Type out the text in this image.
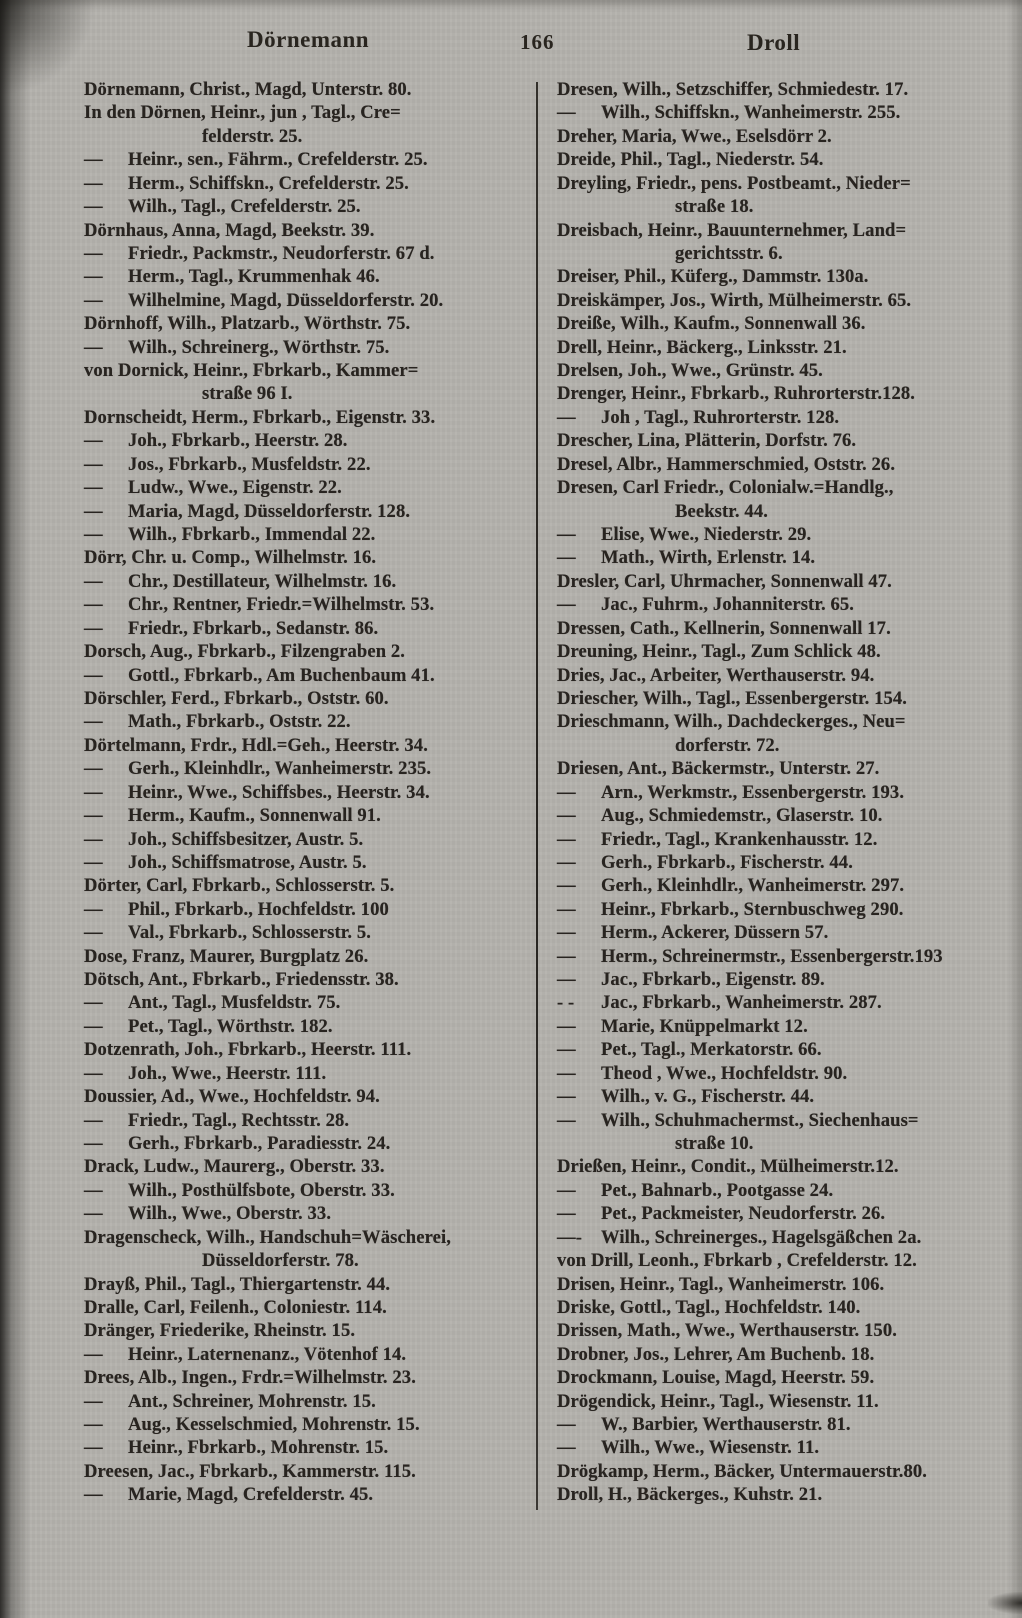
Dörnemann	166	Droll
Dörnemann, Christ., Magd, Unterstr. 80.
In den Dörnen, Heinr., jun , Tagl., Cre=
felderstr. 25.
— Heinr., sen., Fährm., Crefelderstr. 25.
— Herm., Schiffskn., Crefelderstr. 25.
— Wilh., Tagl., Crefelderstr. 25.
Dörnhaus, Anna, Magd, Beekstr. 39.
— Friedr., Packmstr., Neudorferstr. 67 d.
— Herm., Tagl., Krummenhak 46.
— Wilhelmine, Magd, Düsseldorferstr. 20.
Dörnhoff, Wilh., Platzarb., Wörthstr. 75.
— Wilh., Schreinerg., Wörthstr. 75.
von Dornick, Heinr., Fbrkarb., Kammer=
straße 96 I.
Dornscheidt, Herm., Fbrkarb., Eigenstr. 33.
— Joh., Fbrkarb., Heerstr. 28.
— Jos., Fbrkarb., Musfeldstr. 22.
— Ludw., Wwe., Eigenstr. 22.
— Maria, Magd, Düsseldorferstr. 128.
— Wilh., Fbrkarb., Immendal 22.
Dörr, Chr. u. Comp., Wilhelmstr. 16.
— Chr., Destillateur, Wilhelmstr. 16.
— Chr., Rentner, Friedr.=Wilhelmstr. 53.
— Friedr., Fbrkarb., Sedanstr. 86.
Dorsch, Aug., Fbrkarb., Filzengraben 2.
— Gottl., Fbrkarb., Am Buchenbaum 41.
Dörschler, Ferd., Fbrkarb., Oststr. 60.
— Math., Fbrkarb., Oststr. 22.
Dörtelmann, Frdr., Hdl.=Geh., Heerstr. 34.
— Gerh., Kleinhdlr., Wanheimerstr. 235.
— Heinr., Wwe., Schiffsbes., Heerstr. 34.
— Herm., Kaufm., Sonnenwall 91.
— Joh., Schiffsbesitzer, Austr. 5.
— Joh., Schiffsmatrose, Austr. 5.
Dörter, Carl, Fbrkarb., Schlosserstr. 5.
— Phil., Fbrkarb., Hochfeldstr. 100
— Val., Fbrkarb., Schlosserstr. 5.
Dose, Franz, Maurer, Burgplatz 26.
Dötsch, Ant., Fbrkarb., Friedensstr. 38.
— Ant., Tagl., Musfeldstr. 75.
— Pet., Tagl., Wörthstr. 182.
Dotzenrath, Joh., Fbrkarb., Heerstr. 111.
— Joh., Wwe., Heerstr. 111.
Doussier, Ad., Wwe., Hochfeldstr. 94.
— Friedr., Tagl., Rechtsstr. 28.
— Gerh., Fbrkarb., Paradiesstr. 24.
Drack, Ludw., Maurerg., Oberstr. 33.
— Wilh., Posthülfsbote, Oberstr. 33.
— Wilh., Wwe., Oberstr. 33.
Dragenscheck, Wilh., Handschuh=Wäscherei,
Düsseldorferstr. 78.
Drayß, Phil., Tagl., Thiergartenstr. 44.
Dralle, Carl, Feilenh., Coloniestr. 114.
Dränger, Friederike, Rheinstr. 15.
— Heinr., Laternenanz., Vötenhof 14.
Drees, Alb., Ingen., Frdr.=Wilhelmstr. 23.
— Ant., Schreiner, Mohrenstr. 15.
— Aug., Kesselschmied, Mohrenstr. 15.
— Heinr., Fbrkarb., Mohrenstr. 15.
Dreesen, Jac., Fbrkarb., Kammerstr. 115.
— Marie, Magd, Crefelderstr. 45.
Dresen, Wilh., Setzschiffer, Schmiedestr. 17.
— Wilh., Schiffskn., Wanheimerstr. 255.
Dreher, Maria, Wwe., Eselsdörr 2.
Dreide, Phil., Tagl., Niederstr. 54.
Dreyling, Friedr., pens. Postbeamt., Nieder=
straße 18.
Dreisbach, Heinr., Bauunternehmer, Land=
gerichtsstr. 6.
Dreiser, Phil., Küferg., Dammstr. 130a.
Dreiskämper, Jos., Wirth, Mülheimerstr. 65.
Dreiße, Wilh., Kaufm., Sonnenwall 36.
Drell, Heinr., Bäckerg., Linksstr. 21.
Drelsen, Joh., Wwe., Grünstr. 45.
Drenger, Heinr., Fbrkarb., Ruhrorterstr.128.
— Joh , Tagl., Ruhrorterstr. 128.
Drescher, Lina, Plätterin, Dorfstr. 76.
Dresel, Albr., Hammerschmied, Oststr. 26.
Dresen, Carl Friedr., Colonialw.=Handlg.,
Beekstr. 44.
— Elise, Wwe., Niederstr. 29.
— Math., Wirth, Erlenstr. 14.
Dresler, Carl, Uhrmacher, Sonnenwall 47.
— Jac., Fuhrm., Johanniterstr. 65.
Dressen, Cath., Kellnerin, Sonnenwall 17.
Dreuning, Heinr., Tagl., Zum Schlick 48.
Dries, Jac., Arbeiter, Werthauserstr. 94.
Driescher, Wilh., Tagl., Essenbergerstr. 154.
Drieschmann, Wilh., Dachdeckerges., Neu=
dorferstr. 72.
Driesen, Ant., Bäckermstr., Unterstr. 27.
— Arn., Werkmstr., Essenbergerstr. 193.
— Aug., Schmiedemstr., Glaserstr. 10.
— Friedr., Tagl., Krankenhausstr. 12.
— Gerh., Fbrkarb., Fischerstr. 44.
— Gerh., Kleinhdlr., Wanheimerstr. 297.
— Heinr., Fbrkarb., Sternbuschweg 290.
— Herm., Ackerer, Düssern 57.
— Herm., Schreinermstr., Essenbergerstr.193
— Jac., Fbrkarb., Eigenstr. 89.
- - Jac., Fbrkarb., Wanheimerstr. 287.
— Marie, Knüppelmarkt 12.
— Pet., Tagl., Merkatorstr. 66.
— Theod , Wwe., Hochfeldstr. 90.
— Wilh., v. G., Fischerstr. 44.
— Wilh., Schuhmachermst., Siechenhaus=
straße 10.
Drießen, Heinr., Condit., Mülheimerstr.12.
— Pet., Bahnarb., Pootgasse 24.
— Pet., Packmeister, Neudorferstr. 26.
—- Wilh., Schreinerges., Hagelsgäßchen 2a.
von Drill, Leonh., Fbrkarb , Crefelderstr. 12.
Drisen, Heinr., Tagl., Wanheimerstr. 106.
Driske, Gottl., Tagl., Hochfeldstr. 140.
Drissen, Math., Wwe., Werthauserstr. 150.
Drobner, Jos., Lehrer, Am Buchenb. 18.
Drockmann, Louise, Magd, Heerstr. 59.
Drögendick, Heinr., Tagl., Wiesenstr. 11.
— W., Barbier, Werthauserstr. 81.
— Wilh., Wwe., Wiesenstr. 11.
Drögkamp, Herm., Bäcker, Untermauerstr.80.
Droll, H., Bäckerges., Kuhstr. 21.
